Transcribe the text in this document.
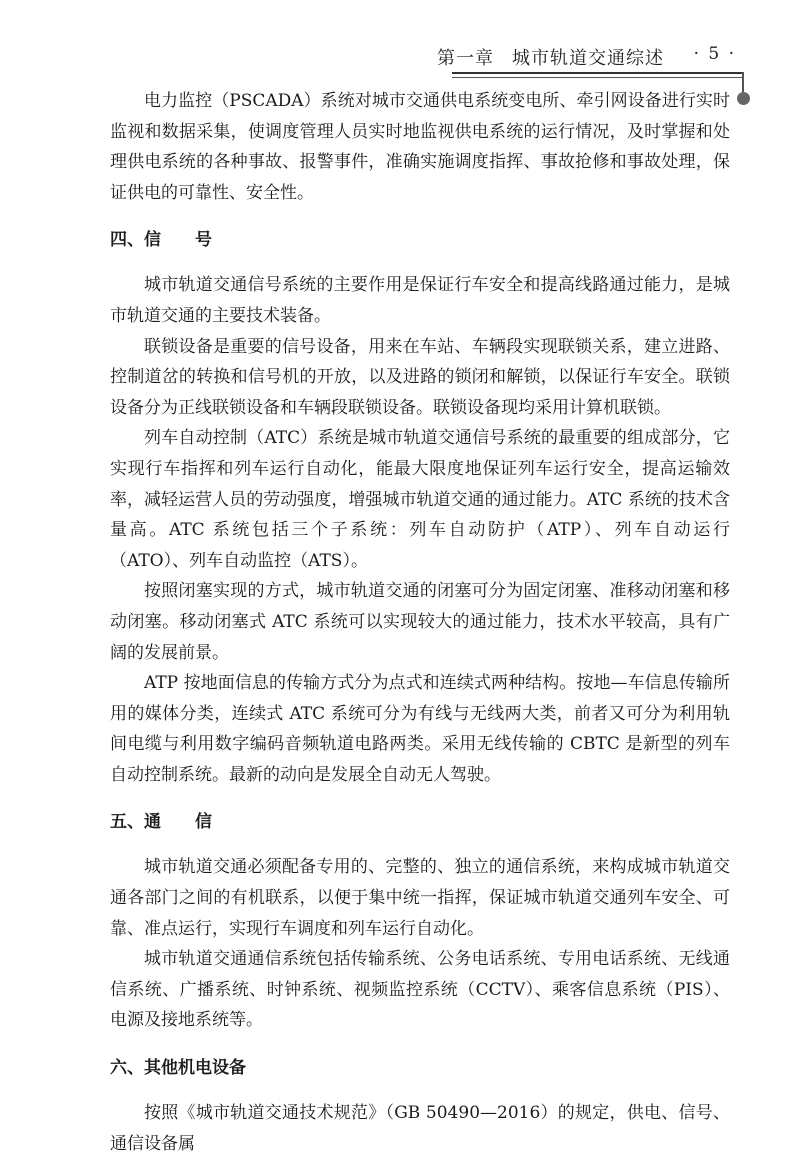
第一章 城市轨道交通综述 · 5 ·

电力监控（PSCADA）系统对城市交通供电系统变电所、牵引网设备进行实时监视和数据采集，使调度管理人员实时地监视供电系统的运行情况，及时掌握和处理供电系统的各种事故、报警事件，准确实施调度指挥、事故抢修和事故处理，保证供电的可靠性、安全性。

四、信　　号

城市轨道交通信号系统的主要作用是保证行车安全和提高线路通过能力，是城市轨道交通的主要技术装备。

联锁设备是重要的信号设备，用来在车站、车辆段实现联锁关系，建立进路、控制道岔的转换和信号机的开放，以及进路的锁闭和解锁，以保证行车安全。联锁设备分为正线联锁设备和车辆段联锁设备。联锁设备现均采用计算机联锁。

列车自动控制（ATC）系统是城市轨道交通信号系统的最重要的组成部分，它实现行车指挥和列车运行自动化，能最大限度地保证列车运行安全，提高运输效率，减轻运营人员的劳动强度，增强城市轨道交通的通过能力。ATC 系统的技术含量高。ATC 系统包括三个子系统：列车自动防护（ATP）、列车自动运行（ATO）、列车自动监控（ATS）。

按照闭塞实现的方式，城市轨道交通的闭塞可分为固定闭塞、准移动闭塞和移动闭塞。移动闭塞式 ATC 系统可以实现较大的通过能力，技术水平较高，具有广阔的发展前景。

ATP 按地面信息的传输方式分为点式和连续式两种结构。按地—车信息传输所用的媒体分类，连续式 ATC 系统可分为有线与无线两大类，前者又可分为利用轨间电缆与利用数字编码音频轨道电路两类。采用无线传输的 CBTC 是新型的列车自动控制系统。最新的动向是发展全自动无人驾驶。

五、通　　信

城市轨道交通必须配备专用的、完整的、独立的通信系统，来构成城市轨道交通各部门之间的有机联系，以便于集中统一指挥，保证城市轨道交通列车安全、可靠、准点运行，实现行车调度和列车运行自动化。

城市轨道交通通信系统包括传输系统、公务电话系统、专用电话系统、无线通信系统、广播系统、时钟系统、视频监控系统（CCTV）、乘客信息系统（PIS）、电源及接地系统等。

六、其他机电设备

按照《城市轨道交通技术规范》（GB 50490—2016）的规定，供电、信号、通信设备属
